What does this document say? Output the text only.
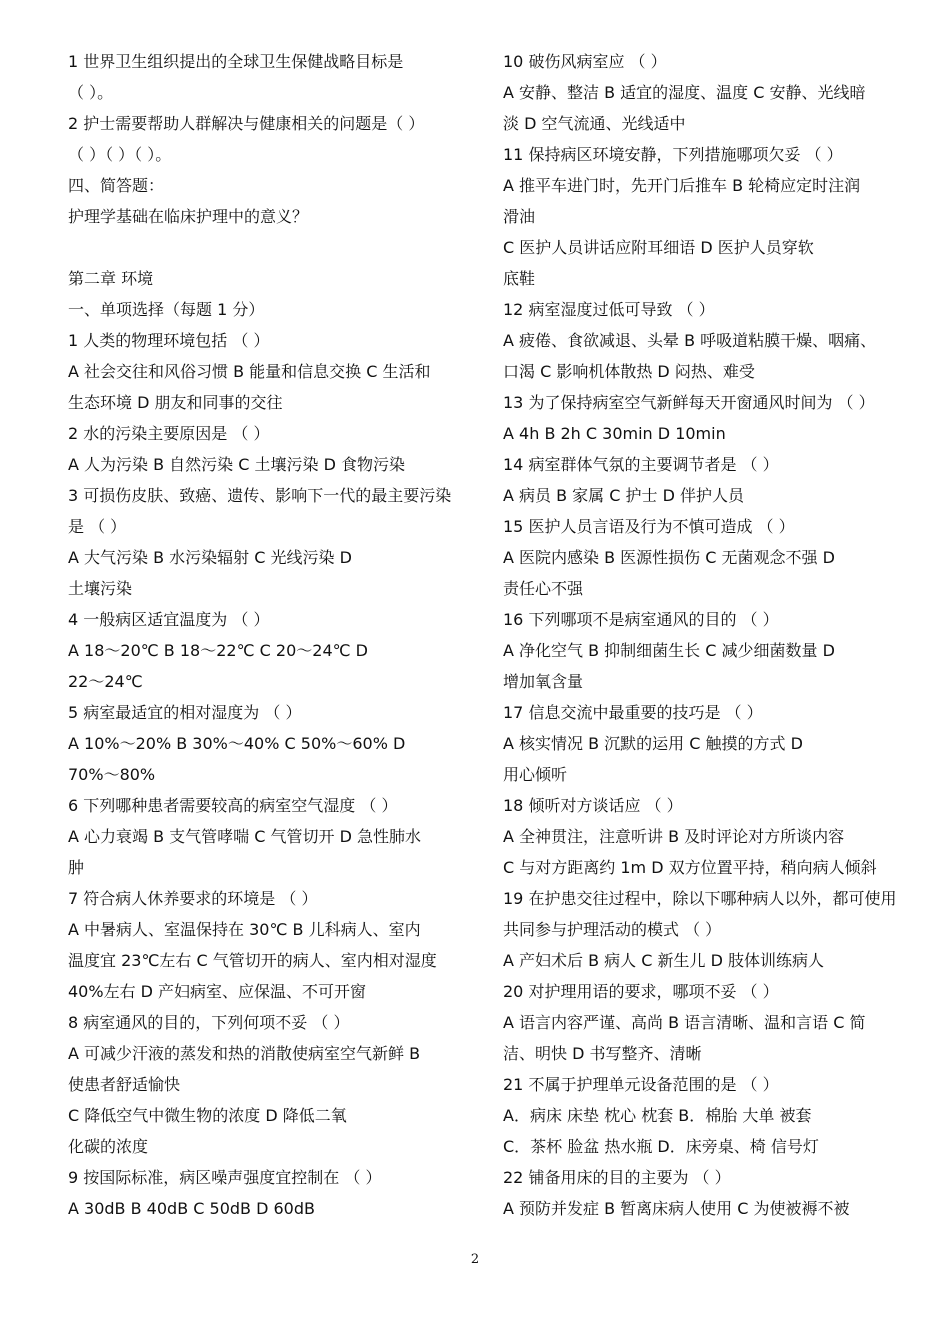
1 世界卫生组织提出的全球卫生保健战略目标是
（ ）。
2 护士需要帮助人群解决与健康相关的问题是（ ）
（ ）（ ）（ ）。
四、简答题：
护理学基础在临床护理中的意义？
第二章 环境
一、单项选择（每题 1 分）
1 人类的物理环境包括 （ ）
A 社会交往和风俗习惯 B 能量和信息交换 C 生活和
生态环境 D 朋友和同事的交往
2 水的污染主要原因是 （ ）
A 人为污染 B 自然污染 C 土壤污染 D 食物污染
3 可损伤皮肤、致癌、遗传、影响下一代的最主要污染
是 （ ）
A 大气污染 B 水污染辐射 C 光线污染 D
土壤污染
4 一般病区适宜温度为 （ ）
A 18～20℃ B 18～22℃ C 20～24℃ D
22～24℃
5 病室最适宜的相对湿度为 （ ）
A 10%～20% B 30%～40% C 50%～60% D
70%～80%
6 下列哪种患者需要较高的病室空气湿度 （ ）
A 心力衰竭 B 支气管哮喘 C 气管切开 D 急性肺水
肿
7 符合病人休养要求的环境是 （ ）
A 中暑病人、室温保持在 30℃ B 儿科病人、室内
温度宜 23℃左右 C 气管切开的病人、室内相对湿度
40%左右 D 产妇病室、应保温、不可开窗
8 病室通风的目的，下列何项不妥 （ ）
A 可减少汗液的蒸发和热的消散使病室空气新鲜 B
使患者舒适愉快
C 降低空气中微生物的浓度 D 降低二氧
化碳的浓度
9 按国际标准，病区噪声强度宜控制在 （ ）
A 30dB B 40dB C 50dB D 60dB
10 破伤风病室应 （ ）
A 安静、整洁 B 适宜的湿度、温度 C 安静、光线暗
淡 D 空气流通、光线适中
11 保持病区环境安静，下列措施哪项欠妥 （ ）
A 推平车进门时，先开门后推车 B 轮椅应定时注润
滑油
C 医护人员讲话应附耳细语 D 医护人员穿软
底鞋
12 病室湿度过低可导致 （ ）
A 疲倦、食欲减退、头晕 B 呼吸道粘膜干燥、咽痛、
口渴 C 影响机体散热 D 闷热、难受
13 为了保持病室空气新鲜每天开窗通风时间为 （ ）
A 4h B 2h C 30min D 10min
14 病室群体气氛的主要调节者是 （ ）
A 病员 B 家属 C 护士 D 伴护人员
15 医护人员言语及行为不慎可造成 （ ）
A 医院内感染 B 医源性损伤 C 无菌观念不强 D
责任心不强
16 下列哪项不是病室通风的目的 （ ）
A 净化空气 B 抑制细菌生长 C 减少细菌数量 D
增加氧含量
17 信息交流中最重要的技巧是 （ ）
A 核实情况 B 沉默的运用 C 触摸的方式 D
用心倾听
18 倾听对方谈话应 （ ）
A 全神贯注，注意听讲 B 及时评论对方所谈内容
C 与对方距离约 1m D 双方位置平持，稍向病人倾斜
19 在护患交往过程中，除以下哪种病人以外，都可使用
共同参与护理活动的模式 （ ）
A 产妇术后 B 病人 C 新生儿 D 肢体训练病人
20 对护理用语的要求，哪项不妥 （ ）
A 语言内容严谨、高尚 B 语言清晰、温和言语 C 简
洁、明快 D 书写整齐、清晰
21 不属于护理单元设备范围的是 （ ）
A．病床 床垫 枕心 枕套 B．棉胎 大单 被套
C．茶杯 脸盆 热水瓶 D．床旁桌、椅 信号灯
22 铺备用床的目的主要为 （ ）
A 预防并发症 B 暂离床病人使用 C 为使被褥不被
2
